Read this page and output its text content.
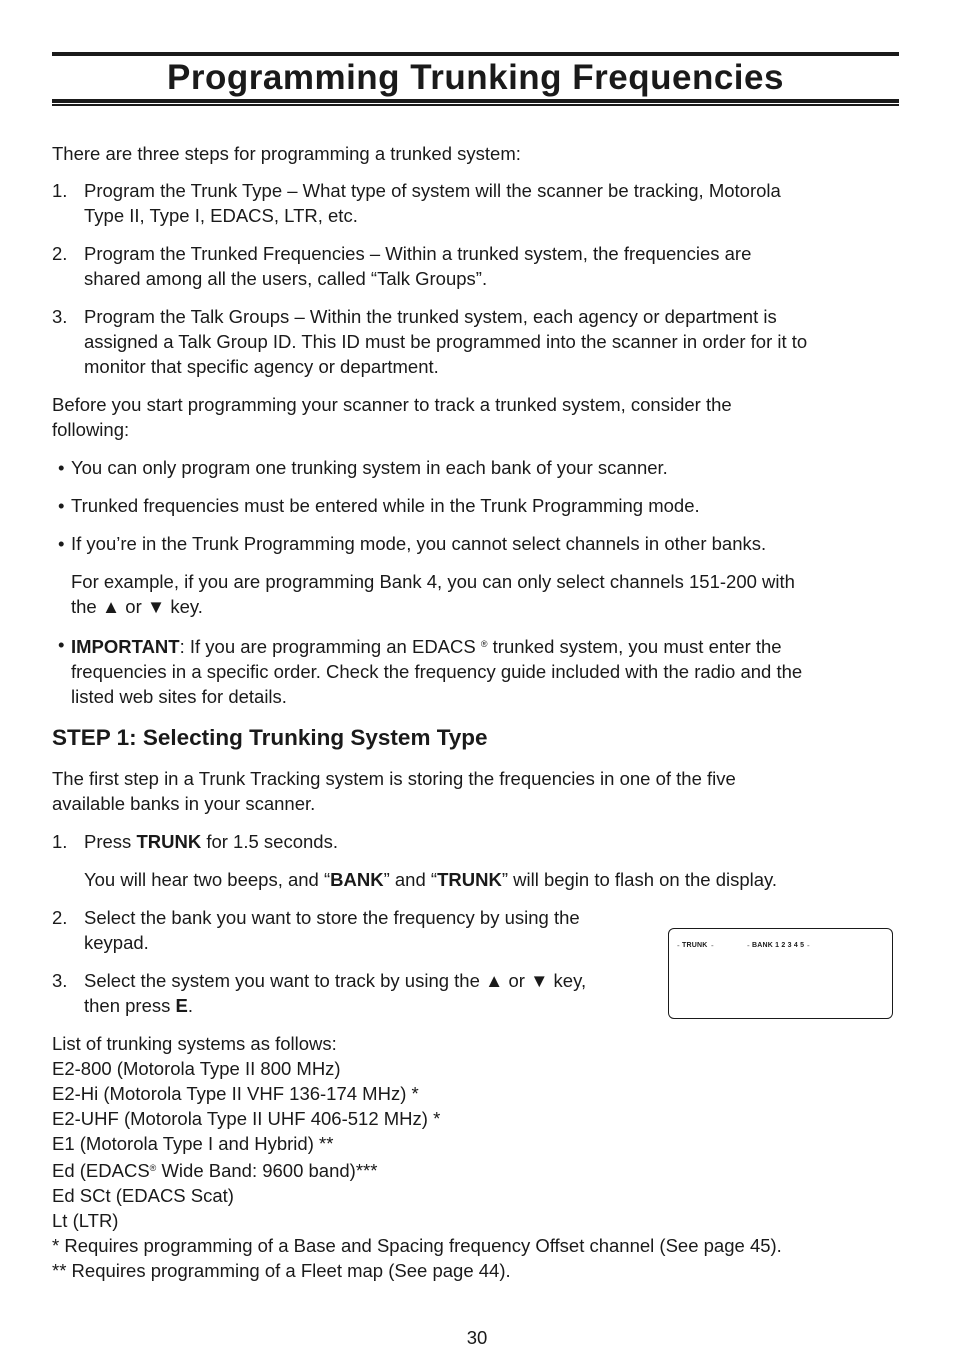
Programming Trunking Frequencies
There are three steps for programming a trunked system:
1. Program the Trunk Type – What type of system will the scanner be tracking, Motorola
Type II, Type I, EDACS, LTR, etc.
2. Program the Trunked Frequencies – Within a trunked system, the frequencies are
shared among all the users, called “Talk Groups”.
3. Program the Talk Groups – Within the trunked system, each agency or department is
assigned a Talk Group ID. This ID must be programmed into the scanner in order for it to
monitor that specific agency or department.
Before you start programming your scanner to track a trunked system, consider the
following:
• You can only program one trunking system in each bank of your scanner.
• Trunked frequencies must be entered while in the Trunk Programming mode.
• If you’re in the Trunk Programming mode, you cannot select channels in other banks.
For example, if you are programming Bank 4, you can only select channels 151-200 with
the ▲ or ▼ key.
• IMPORTANT: If you are programming an EDACS ® trunked system, you must enter the
frequencies in a specific order. Check the frequency guide included with the radio and the
listed web sites for details.
STEP 1: Selecting Trunking System Type
The first step in a Trunk Tracking system is storing the frequencies in one of the five
available banks in your scanner.
1. Press TRUNK for 1.5 seconds.
You will hear two beeps, and “BANK” and “TRUNK” will begin to flash on the display.
2. Select the bank you want to store the frequency by using the
keypad.
3. Select the system you want to track by using the ▲ or ▼ key,
then press E.
- TRUNK -	- BANK 1 2 3 4 5 -
List of trunking systems as follows:
E2-800 (Motorola Type II 800 MHz)
E2-Hi (Motorola Type II VHF 136-174 MHz) *
E2-UHF (Motorola Type II UHF 406-512 MHz) *
E1 (Motorola Type I and Hybrid) **
Ed (EDACS® Wide Band: 9600 band)***
Ed SCt (EDACS Scat)
Lt (LTR)
* Requires programming of a Base and Spacing frequency Offset channel (See page 45).
** Requires programming of a Fleet map (See page 44).
30
